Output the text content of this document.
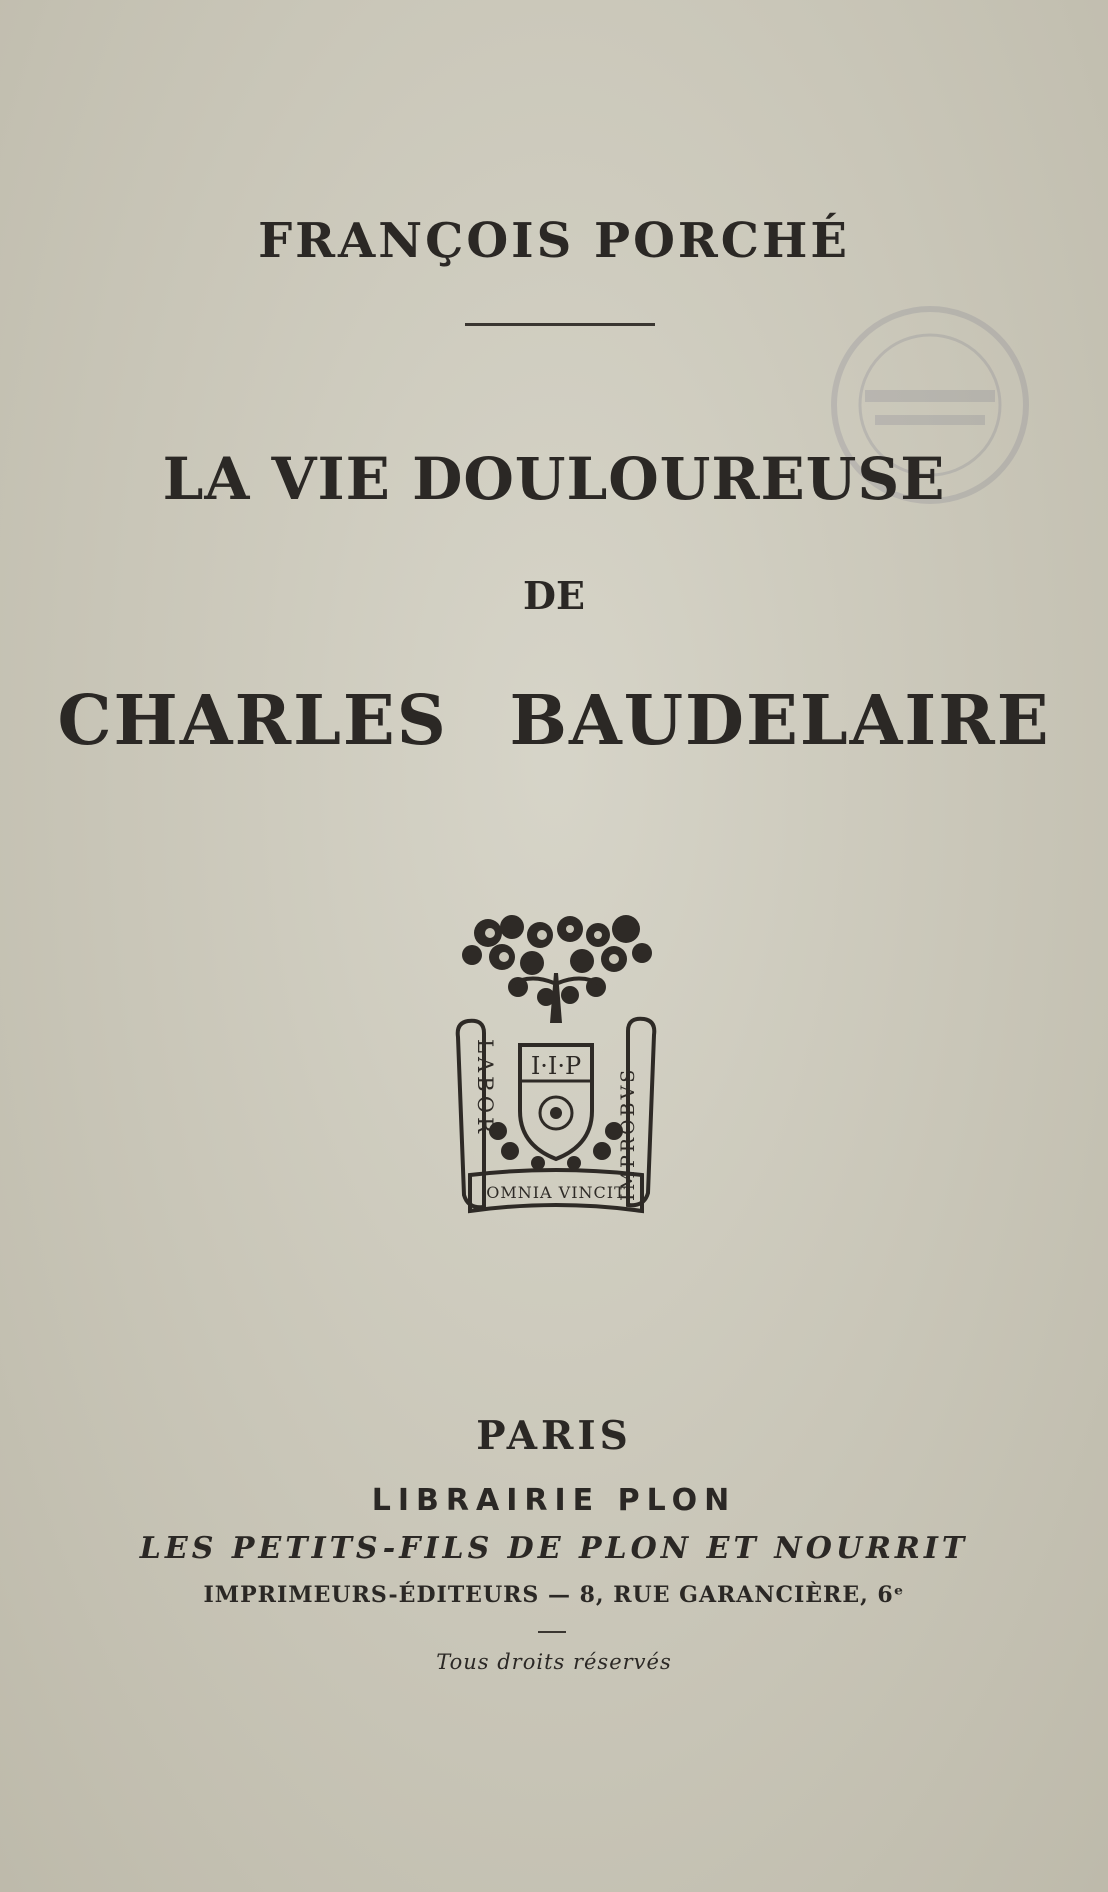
FRANÇOIS PORCHÉ
LA VIE DOULOUREUSE
DE
CHARLES BAUDELAIRE
I·I·P
LABOR	IMPROBVS
OMNIA VINCIT
PARIS
LIBRAIRIE PLON
LES PETITS-FILS DE PLON ET NOURRIT
IMPRIMEURS-ÉDITEURS — 8, RUE GARANCIÈRE, 6ᵉ
Tous droits réservés
